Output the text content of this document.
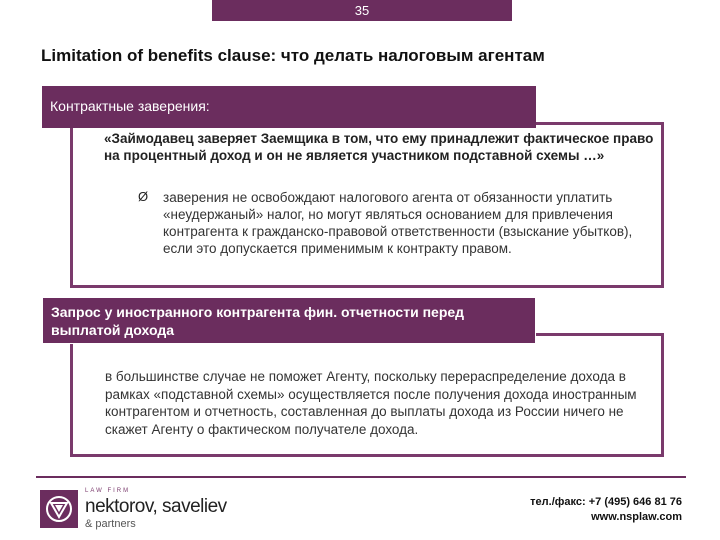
35
Limitation of benefits clause: что делать налоговым агентам
Контрактные заверения:
«Займодавец заверяет Заемщика в том, что ему принадлежит фактическое право на процентный доход и он не является участником подставной схемы …»
Ø заверения не освобождают налогового агента от обязанности уплатить «неудержаный» налог, но могут являться основанием для привлечения контрагента к гражданско-правовой ответственности (взыскание убытков), если это допускается применимым к контракту правом.
Запрос у иностранного контрагента фин. отчетности перед выплатой дохода
в большинстве случае не поможет Агенту, поскольку перераспределение дохода в рамках «подставной схемы» осуществляется после получения дохода иностранным контрагентом и отчетность, составленная до выплаты дохода из России ничего не скажет Агенту о фактическом получателе дохода.
LAW FIRM
nektorov, saveliev
& partners
тел./факс: +7 (495) 646 81 76
www.nsplaw.com
